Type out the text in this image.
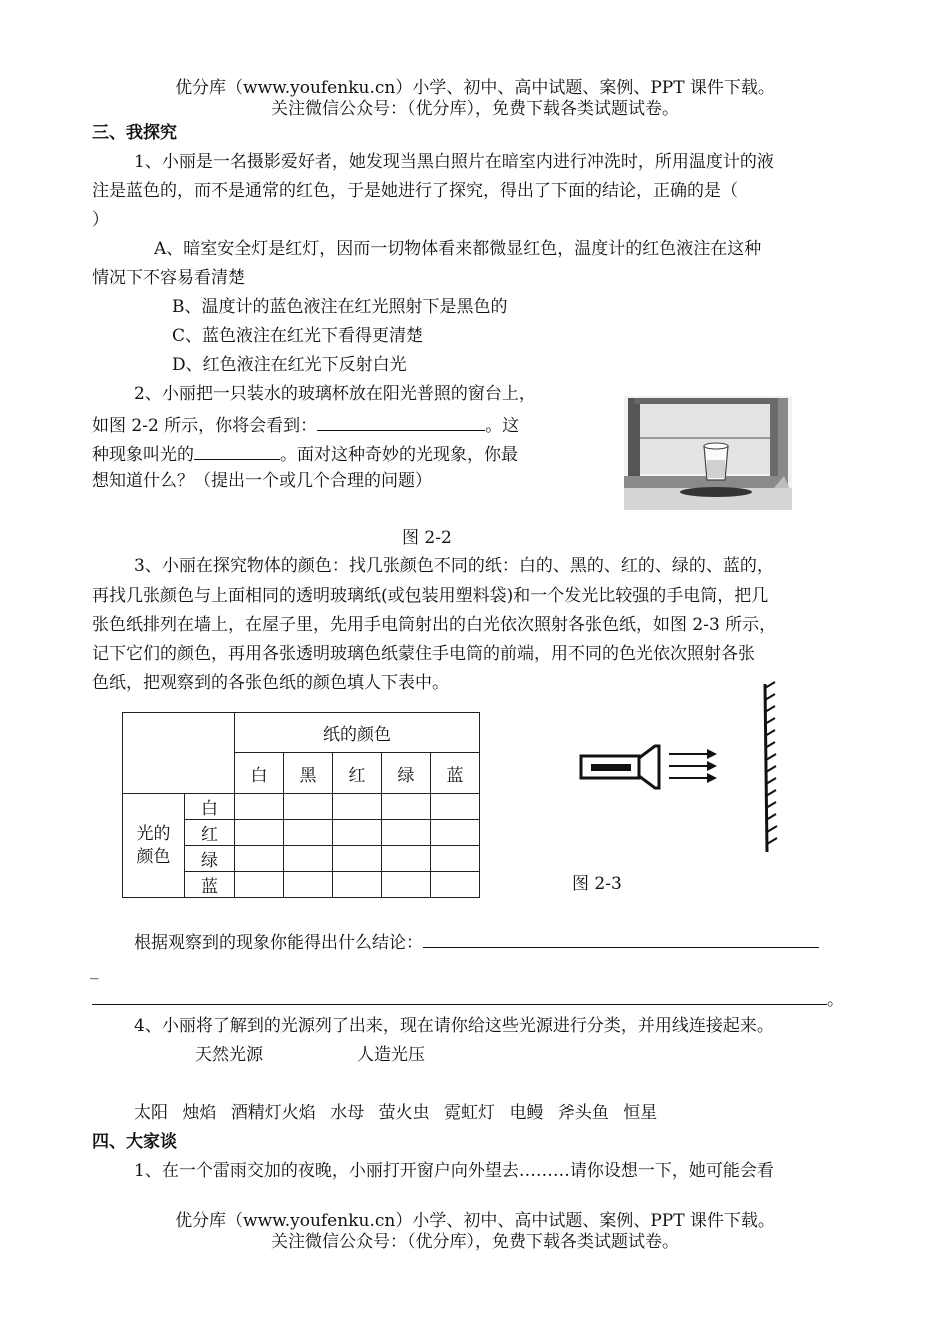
优分库（www.youfenku.cn）小学、初中、高中试题、案例、PPT 课件下载。
关注微信公众号：（优分库），免费下载各类试题试卷。
三、我探究
1、小丽是一名摄影爱好者，她发现当黑白照片在暗室内进行冲洗时，所用温度计的液
注是蓝色的，而不是通常的红色，于是她进行了探究，得出了下面的结论，正确的是（
）
A、暗室安全灯是红灯，因而一切物体看来都微显红色，温度计的红色液注在这种
情况下不容易看清楚
B、温度计的蓝色液注在红光照射下是黑色的
C、蓝色液注在红光下看得更清楚
D、红色液注在红光下反射白光
2、小丽把一只装水的玻璃杯放在阳光普照的窗台上，
如图 2-2 所示，你将会看到：	。这
种现象叫光的	。面对这种奇妙的光现象，你最
想知道什么？（提出一个或几个合理的问题）
图 2-2
3、小丽在探究物体的颜色：找几张颜色不同的纸：白的、黑的、红的、绿的、蓝的，
再找几张颜色与上面相同的透明玻璃纸(或包装用塑料袋)和一个发光比较强的手电筒，把几
张色纸排列在墙上，在屋子里，先用手电筒射出的白光依次照射各张色纸，如图 2-3 所示，
记下它们的颜色，再用各张透明玻璃色纸蒙住手电筒的前端，用不同的色光依次照射各张
色纸，把观察到的各张色纸的颜色填人下表中。
		纸的颜色				
		白	黑	红	绿	蓝
光的
颜色	白					
	红					
	绿					
	蓝						图 2-3
根据观察到的现象你能得出什么结论：
_
。
4、小丽将了解到的光源列了出来，现在请你给这些光源进行分类，并用线连接起来。
天然光源	人造光压
太阳 烛焰 酒精灯火焰 水母 萤火虫 霓虹灯 电鳗 斧头鱼 恒星
四、大家谈
1、在一个雷雨交加的夜晚，小丽打开窗户向外望去………请你设想一下，她可能会看
优分库（www.youfenku.cn）小学、初中、高中试题、案例、PPT 课件下载。
关注微信公众号：（优分库），免费下载各类试题试卷。
